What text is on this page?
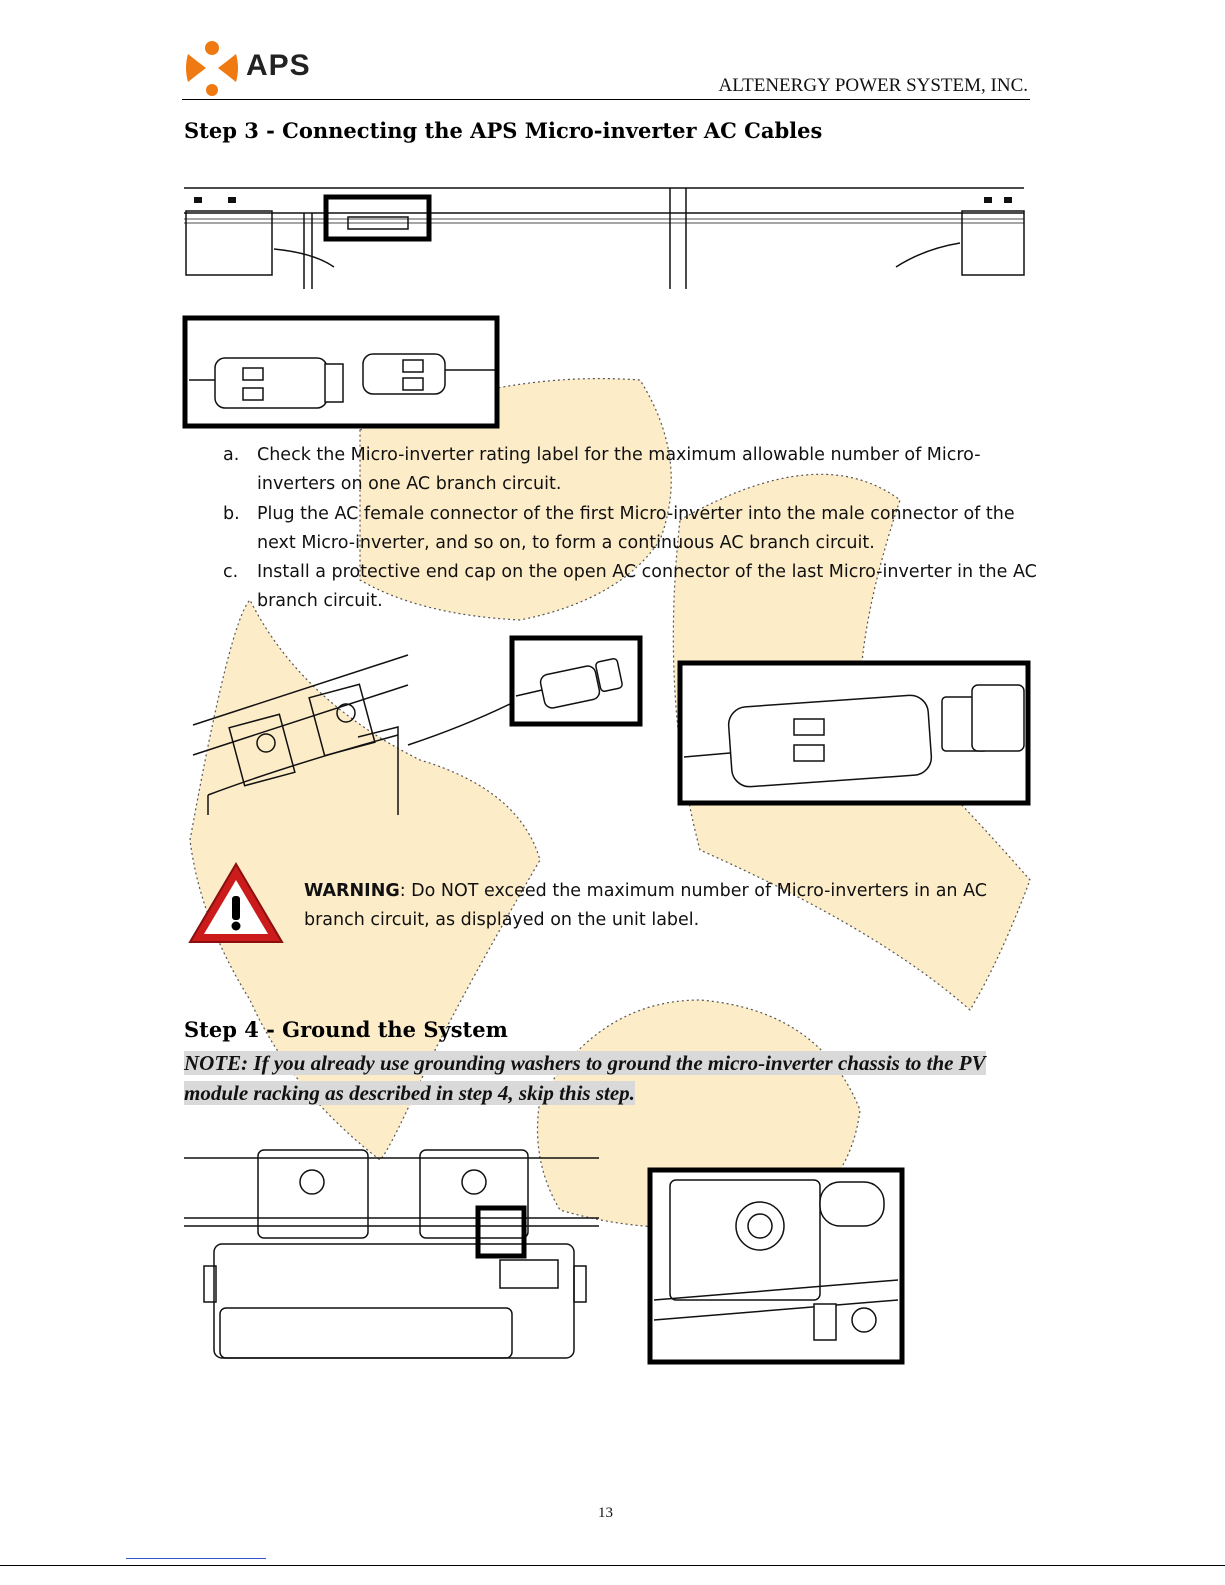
APS
ALTENERGY POWER SYSTEM, INC.
Step 3 - Connecting the APS Micro-inverter AC Cables
a. Check the Micro-inverter rating label for the maximum allowable number of Micro-inverters on one AC branch circuit.
b. Plug the AC female connector of the first Micro-inverter into the male connector of the next Micro-inverter, and so on, to form a continuous AC branch circuit.
c. Install a protective end cap on the open AC connector of the last Micro-inverter in the AC branch circuit.
WARNING: Do NOT exceed the maximum number of Micro-inverters in an AC branch circuit, as displayed on the unit label.
Step 4 - Ground the System
NOTE: If you already use grounding washers to ground the micro-inverter chassis to the PV module racking as described in step 4, skip this step.
13
